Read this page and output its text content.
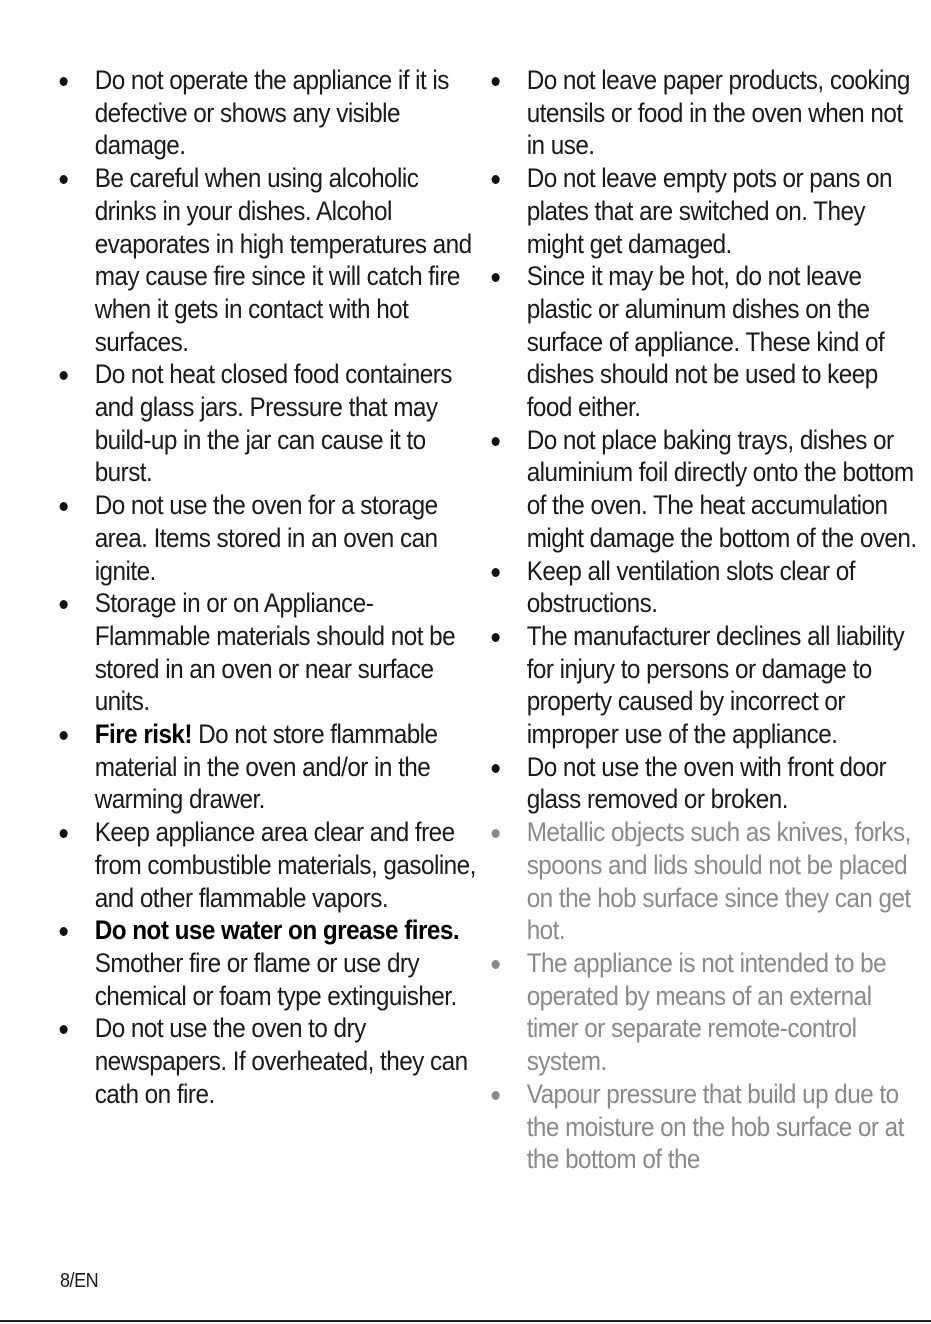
Do not operate the appliance if it is defective or shows any visible damage.
Be careful when using alcoholic drinks in your dishes. Alcohol evaporates in high temperatures and may cause fire since it will catch fire when it gets in contact with hot surfaces.
Do not heat closed food containers and glass jars. Pressure that may build-up in the jar can cause it to burst.
Do not use the oven for a storage area. Items stored in an oven can ignite.
Storage in or on Appliance- Flammable materials should not be stored in an oven or near surface units.
Fire risk! Do not store flammable material in the oven and/or in the warming drawer.
Keep appliance area clear and free from combustible materials, gasoline, and other flammable vapors.
Do not use water on grease fires. Smother fire or flame or use dry chemical or foam type extinguisher.
Do not use the oven to dry newspapers. If overheated, they can cath on fire.
Do not leave paper products, cooking utensils or food in the oven when not in use.
Do not leave empty pots or pans on plates that are switched on. They might get damaged.
Since it may be hot, do not leave plastic or aluminum dishes on the surface of appliance. These kind of dishes should not be used to keep food either.
Do not place baking trays, dishes or aluminium foil directly onto the bottom of the oven. The heat accumulation might damage the bottom of the oven.
Keep all ventilation slots clear of obstructions.
The manufacturer declines all liability for injury to persons or damage to property caused by incorrect or improper use of the appliance.
Do not use the oven with front door glass removed or broken.
Metallic objects such as knives, forks, spoons and lids should not be placed on the hob surface since they can get hot.
The appliance is not intended to be operated by means of an external timer or separate remote-control system.
Vapour pressure that build up due to the moisture on the hob surface or at the bottom of the
8/EN
